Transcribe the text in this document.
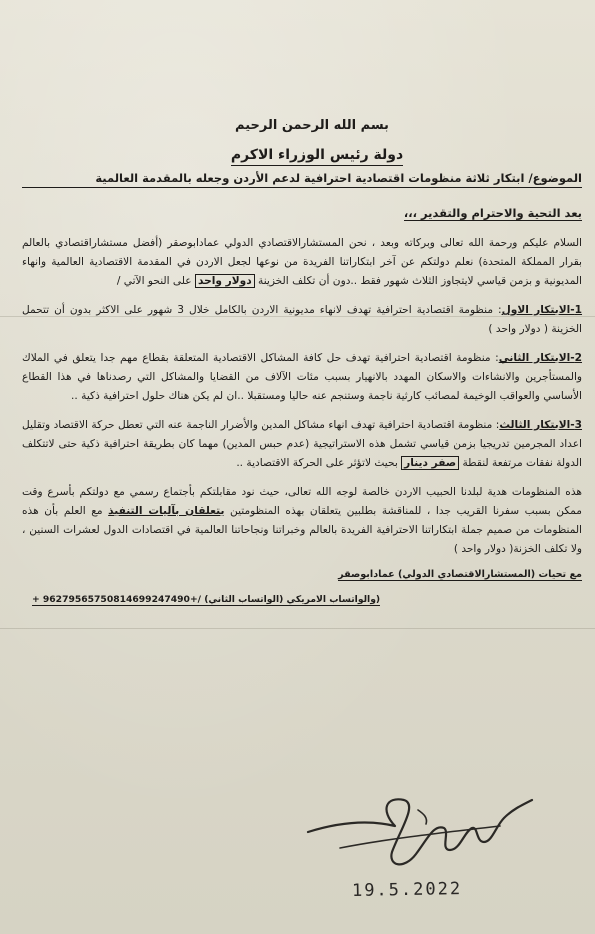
بسم الله الرحمن الرحيم
دولة رئيس الوزراء الاكرم
الموضوع/ ابتكار ثلاثة منظومات اقتصادية احترافية لدعم الأردن وجعله بالمقدمة العالمية
بعد التحية والاحترام والتقدير ،،،

السلام عليكم ورحمة الله تعالى وبركاته وبعد ، نحن المستشارالاقتصادي الدولي عمادابوصقر (أفضل مستشاراقتصادي بالعالم بقرار المملكة المتحدة) نعلم دولتكم عن آخر ابتكاراتنا الفريدة من نوعها لجعل الاردن في المقدمة الاقتصادية العالمية وانهاء المديونية و بزمن قياسي لايتجاوز الثلاث شهور فقط ..دون أن تكلف الخزينة دولار واحد على النحو الآتي /

1-الابتكار الاول: منظومة اقتصادية احترافية تهدف لانهاء مديونية الاردن بالكامل خلال 3 شهور على الاكثر بدون أن تتحمل الخزينة ( دولار واحد )

2-الابتكار الثاني: منظومة اقتصادية احترافية تهدف حل كافة المشاكل الاقتصادية المتعلقة بقطاع مهم جدا يتعلق في الملاك والمستأجرين والانشاءات والاسكان المهدد بالانهيار بسبب مئات الآلاف من القضايا والمشاكل التي رصدناها في هذا القطاع الأساسي والعواقب الوخيمة لمصائب كارثية ناجمة وستنجم عنه حاليا ومستقبلا ..ان لم يكن هناك حلول احترافية ذكية ..

3-الابتكار الثالث: منظومة اقتصادية احترافية تهدف انهاء مشاكل المدين والأضرار الناجمة عنه التي تعطل حركة الاقتصاد وتقليل اعداد المجرمين تدريجيا بزمن قياسي تشمل هذه الاستراتيجية (عدم حبس المدين) مهما كان بطريقة احترافية ذكية حتى لاتتكلف الدولة نفقات مرتفعة لنقطة صفر دينار بحيث لاتؤثر على الحركة الاقتصادية ..

هذه المنظومات هدية لبلدنا الحبيب الاردن خالصة لوجه الله تعالى، حيث نود مقابلتكم بأجتماع رسمي مع دولتكم بأسرع وقت ممكن بسبب سفرنا القريب جدا ، للمناقشة بطلبين يتعلقان بهذه المنظومتين يتعلقان بآليات التنفيذ مع العلم بأن هذه المنظومات من صميم جملة ابتكاراتنا الاحترافية الفريدة بالعالم وخبراتنا ونجاحاتنا العالمية في اقتصادات الدول لعشرات السنين ، ولا تكلف الخزنة( دولار واحد )

مع تحيات (المستشارالاقتصادي الدولي) عمادابوصقر
+ 962795657508والواتساب الامريكي (الواتساب الثاني) /+14699247490)
19.5.2022
